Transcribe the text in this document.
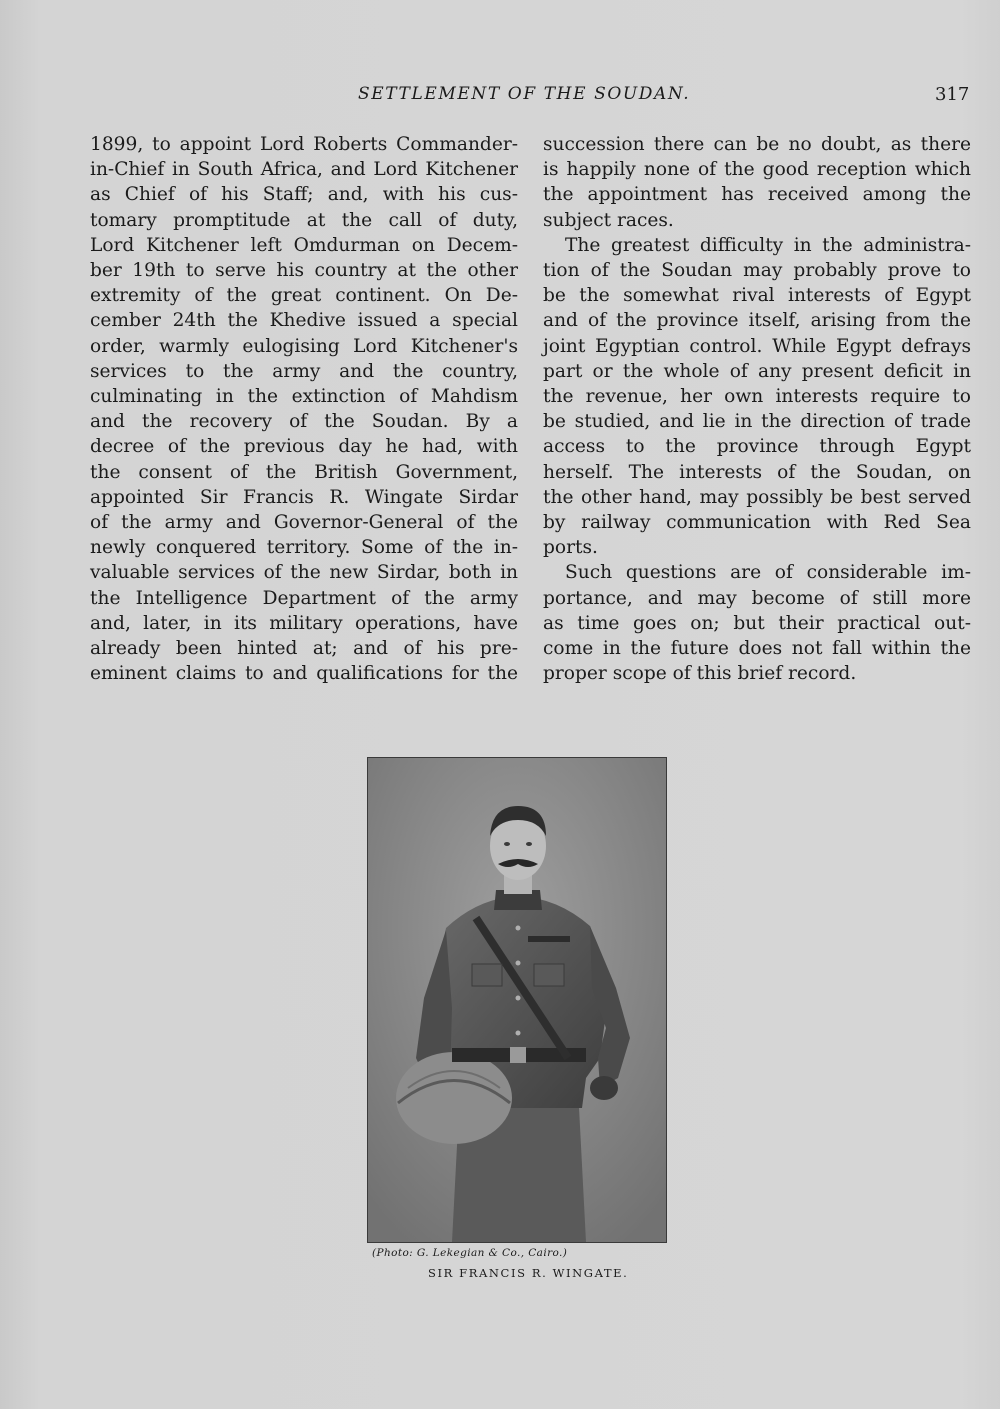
SETTLEMENT OF THE SOUDAN.	317
1899, to appoint Lord Roberts Commander-
in-Chief in South Africa, and Lord Kitchener
as Chief of his Staff; and, with his cus-
tomary promptitude at the call of duty,
Lord Kitchener left Omdurman on Decem-
ber 19th to serve his country at the other
extremity of the great continent. On De-
cember 24th the Khedive issued a special
order, warmly eulogising Lord Kitchener's
services to the army and the country,
culminating in the extinction of Mahdism
and the recovery of the Soudan. By a
decree of the previous day he had, with
the consent of the British Government,
appointed Sir Francis R. Wingate Sirdar
of the army and Governor-General of the
newly conquered territory. Some of the in-
valuable services of the new Sirdar, both in
the Intelligence Department of the army
and, later, in its military operations, have
already been hinted at; and of his pre-
eminent claims to and qualifications for the
succession there can be no doubt, as there
is happily none of the good reception which
the appointment has received among the
subject races.
The greatest difficulty in the administra-
tion of the Soudan may probably prove to
be the somewhat rival interests of Egypt
and of the province itself, arising from the
joint Egyptian control. While Egypt defrays
part or the whole of any present deficit in
the revenue, her own interests require to
be studied, and lie in the direction of trade
access to the province through Egypt
herself. The interests of the Soudan, on
the other hand, may possibly be best served
by railway communication with Red Sea
ports.
Such questions are of considerable im-
portance, and may become of still more
as time goes on; but their practical out-
come in the future does not fall within the
proper scope of this brief record.
(Photo: G. Lekegian & Co., Cairo.)
SIR FRANCIS R. WINGATE.
